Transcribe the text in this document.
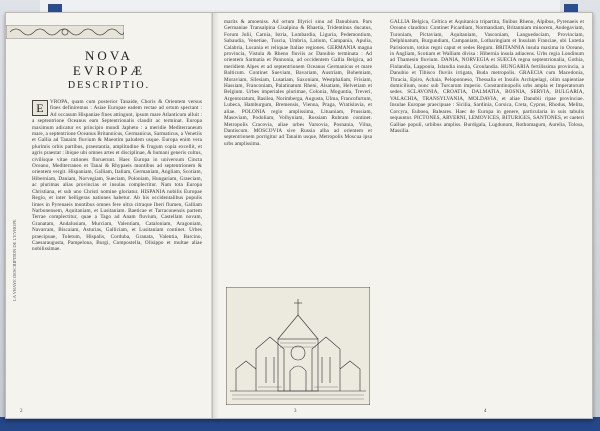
NOVA

EVROPÆ

DESCRIPTIO.

E	VROPA, quam cum posterior Tanaide, Choris & Orientem versus fines definiremus : Asiae Europae eadem rectae ad ortum spectant : Ad occasum Hispaniae fines attingunt, ipsum mare Atlanticum alluit : a septentrione Oceanus eam Septentrionalis claudit ac terminat. Europa maximum adicatur ex principio mundi Japheto : a meridie Mediterraneum mare, a septentrione Oceanus Britannicus, Germanicus, Sarmaticus, a Venetiis et Gallia ad Tanaim fluvium & Maeotim paludem usque. Europa enim vera plurimis orbis partibus, praestantia, amplitudine & frugum copia excellit, et agris praestat : ibique ubi omnes artes et disciplinae, & humani generis cultus, civilisque vitae rationes floruerunt. Haec Europa in universum Cincta Oceano, Mediterraneo et Tanai & Rhypaeis montibus ad septentrionem & orientem vergit. Hispaniam, Galliam, Italiam, Germaniam, Angliam, Scotiam, Hiberniam, Daniam, Norvegiam, Sueciam, Poloniam, Hungariam, Graeciam, ac plurimas alias provincias et insulas complectitur. Nam tota Europa Christiana, et sub uno Christi nomine gloriatur. HISPANIA nobilis Europae Regio, et inter belligeras nationes habetur. Ab his occidentalibus populis limes in Pyrenaeis montibus omnes fere ultra citraque Iberi flumen, Galliam Narbonensem, Aquitaniam, et Lusitaniam. Baeticae et Tarraconensis partem Terrae complectitur, quae a Tago ad Anam fluvium, Castellam novam, Granatam, Andalusiam, Murciam, Valentiam, Cataloniam, Aragoniam, Navarram, Biscaiam, Asturias, Galliciam, et Lusitaniam continet. Urbes praecipuae, Toletum, Hispalis, Corduba, Granata, Valentia, Barcino, Caesaraugusta, Pampelona, Burgi, Compostella, Olisippo et multae aliae nobilissimae.
LA VRAYE DESCRIPTION DE L'EVROPE
2
marits & amoeniss. Ad ortum Illyrici sinu ad Danubium. Pars Germaniae Transalpina Cisalpina & Rhaetia, Tridentinus ducatus, Forum Julii, Carnia, Istria, Lombardia, Liguria, Pedemontium, Sabaudia, Venetiae, Tuscia, Umbria, Latium, Campania, Apulia, Calabria, Lucania et reliquae Italiae regiones. GERMANIA magna provincia, Vistula & Rheno fluviis ac Danubio terminata : Ad orientem Sarmatia et Pannonia, ad occidentem Gallia Belgica, ad meridiem Alpes et ad septentrionem Oceanus Germanicus et mare Balticum. Continet Sueviam, Bavariam, Austriam, Bohemiam, Moraviam, Silesiam, Lusatiam, Saxoniam, Westphaliam, Frisiam, Hassiam, Franconiam, Palatinatum Rheni, Alsatiam, Helvetiam et Belgium. Urbes imperiales plurimae, Colonia, Moguntia, Treveri, Argentoratum, Basilea, Norimberga, Augusta, Ulma, Francofurtum, Lubeca, Hamburgum, Bremensis, Vienna, Praga, Wratislavia, et aliae. POLONIA regio amplissima, Lituaniam, Prussiam, Masoviam, Podoliam, Volhyniam, Russiam Rubram continet. Metropolis Cracovia, aliae urbes Varsovia, Posnania, Vilna, Dantiscum. MOSCOVIA sive Russia alba ad orientem et septentrionem porrigitur ad Tanaim usque, Metropolis Moscua ipsa urbs amplissima.
3
GALLIA Belgica, Celtica et Aquitanica tripartita, finibus Rheno, Alpibus, Pyrenaeis et Oceano clauditur. Continet Picardiam, Normandiam, Britanniam minorem, Andegaviam, Turoniam, Pictaviam, Aquitaniam, Vasconiam, Languedociam, Provinciam, Delphinatum, Burgundiam, Campaniam, Lotharingiam et Insulam Franciae, ubi Lutetia Parisiorum, totius regni caput et sedes Regum. BRITANNIA insula maxima in Oceano, in Angliam, Scotiam et Walliam divisa : Hibernia insula adiacens. Urbs regia Londinum ad Thamesin fluvium. DANIA, NORVEGIA et SUECIA regna septentrionalia, Gothia, Finlandia, Lapponia, Islandia insula, Gronlandia. HUNGARIA fertilissima provincia, a Danubio et Tibisco fluviis irrigata, Buda metropolis. GRAECIA cum Macedonia, Thracia, Epiro, Achaia, Peloponneso, Thessalia et Insulis Archipelagi, olim sapientiae domicilium, nunc sub Turcarum imperio. Constantinopolis urbs ampla et Imperatorum sedes. SCLAVONIA, CROATIA, DALMATIA, BOSNIA, SERVIA, BULGARIA, VALACHIA, TRANSYLVANIA, MOLDAVIA, et aliae Danubii ripae provinciae. Insulae Europae praecipuae : Sicilia, Sardinia, Corsica, Creta, Cyprus, Rhodus, Melita, Corcyra, Euboea, Baleares. Haec de Europa in genere, particularia in suis tabulis sequuntur. PICTONES, ARVERNI, LEMOVICES, BITURIGES, SANTONES, et caeteri Galliae populi, urbibus ampliss. Burdigala, Lugdunum, Rothomagum, Aurelia, Tolosa, Massilia.
4
